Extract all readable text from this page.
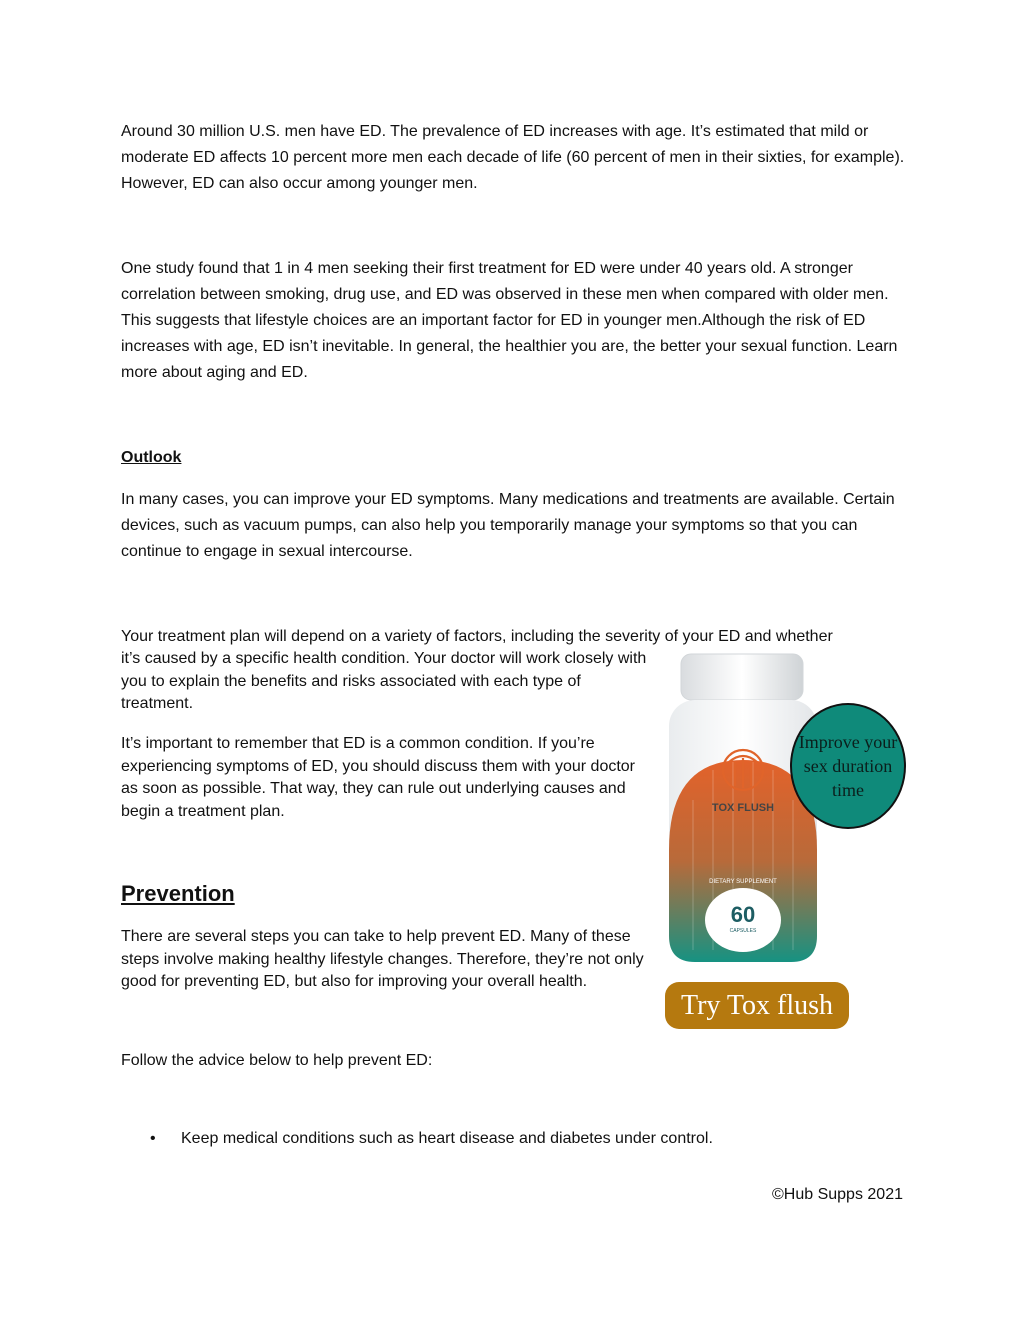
Around 30 million U.S. men have ED. The prevalence of ED increases with age. It’s estimated that mild or moderate ED affects 10 percent more men each decade of life (60 percent of men in their sixties, for example). However, ED can also occur among younger men.

One study found that 1 in 4 men seeking their first treatment for ED were under 40 years old. A stronger correlation between smoking, drug use, and ED was observed in these men when compared with older men. This suggests that lifestyle choices are an important factor for ED in younger men.Although the risk of ED increases with age, ED isn’t inevitable. In general, the healthier you are, the better your sexual function. Learn more about aging and ED.

Outlook

In many cases, you can improve your ED symptoms. Many medications and treatments are available. Certain devices, such as vacuum pumps, can also help you temporarily manage your symptoms so that you can continue to engage in sexual intercourse.

Your treatment plan will depend on a variety of factors, including the severity of your ED and whether

it’s caused by a specific health condition. Your doctor will work closely with you to explain the benefits and risks associated with each type of treatment.

It’s important to remember that ED is a common condition. If you’re experiencing symptoms of ED, you should discuss them with your doctor as soon as possible. That way, they can rule out underlying causes and begin a treatment plan.

Prevention

There are several steps you can take to help prevent ED. Many of these steps involve making healthy lifestyle changes. Therefore, they’re not only good for preventing ED, but also for improving your overall health.

Follow the advice below to help prevent ED:

•	Keep medical conditions such as heart disease and diabetes under control.
TOX FLUSH
DIETARY SUPPLEMENT
60
CAPSULES
Improve your sex duration time
Try Tox flush
©Hub Supps 2021
